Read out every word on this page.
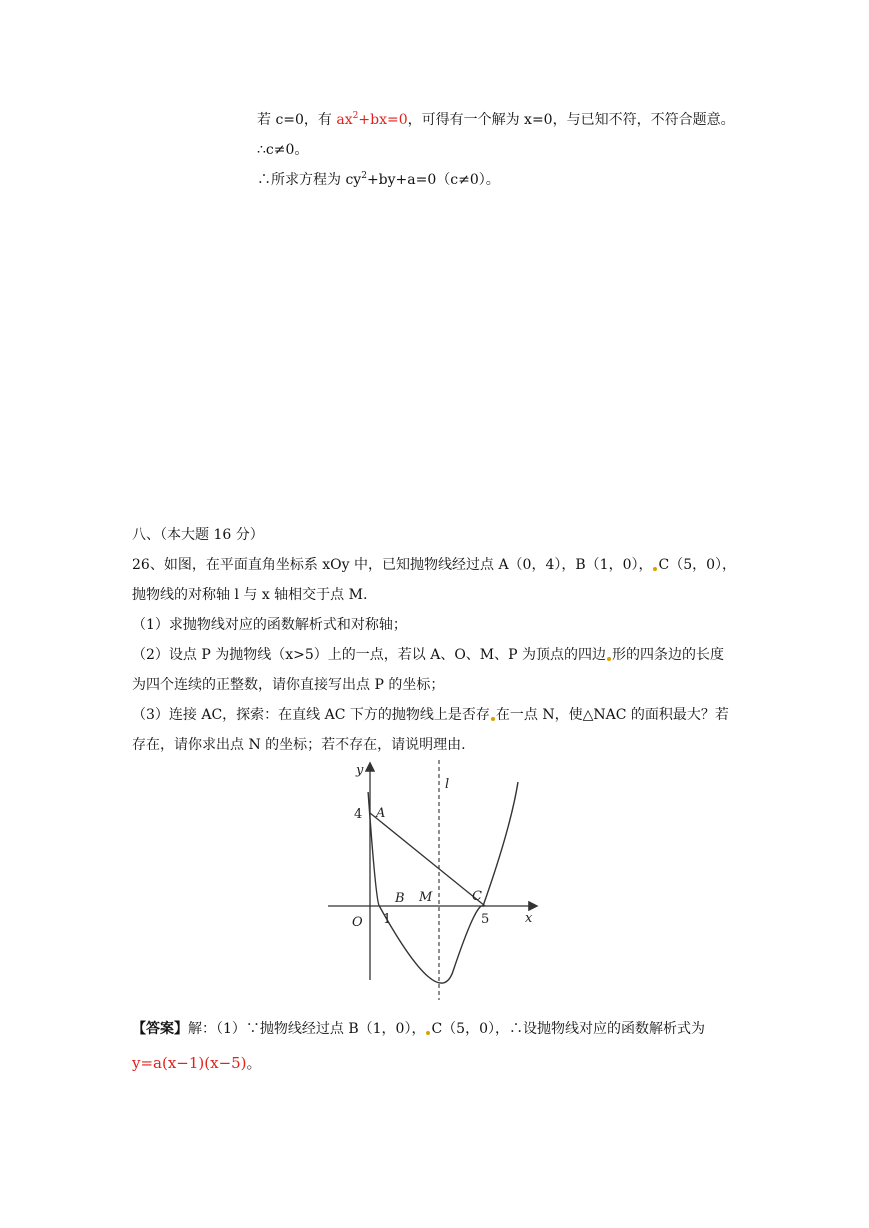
若 c=0，有 $ax^2+bx=0$，可得有一个解为 x=0，与已知不符，不符合题意。
∴c≠0。
∴所求方程为 $cy^2+by+a=0(c\ne 0)$。
八、（本大题 16 分）
26、如图，在平面直角坐标系 xOy 中，已知抛物线经过点 A（0，4），B（1，0）， C（5，0），
抛物线的对称轴 l 与 x 轴相交于点 M.
（1）求抛物线对应的函数解析式和对称轴；
（2）设点 P 为抛物线（x>5）上的一点，若以 A、O、M、P 为顶点的四边 形的四条边的长度
为四个连续的正整数，请你直接写出点 P 的坐标；
（3）连接 AC，探索：在直线 AC 下方的抛物线上是否存 在一点 N，使△NAC 的面积最大？若
存在，请你求出点 N 的坐标；若不存在，请说明理由.
y
x
l
O
A
B M	C
4
1	5
【答案】解：（1）∵抛物线经过点 B（1，0）， C（5，0），∴设抛物线对应的函数解析式为
y=a(x−1)(x−5)。
